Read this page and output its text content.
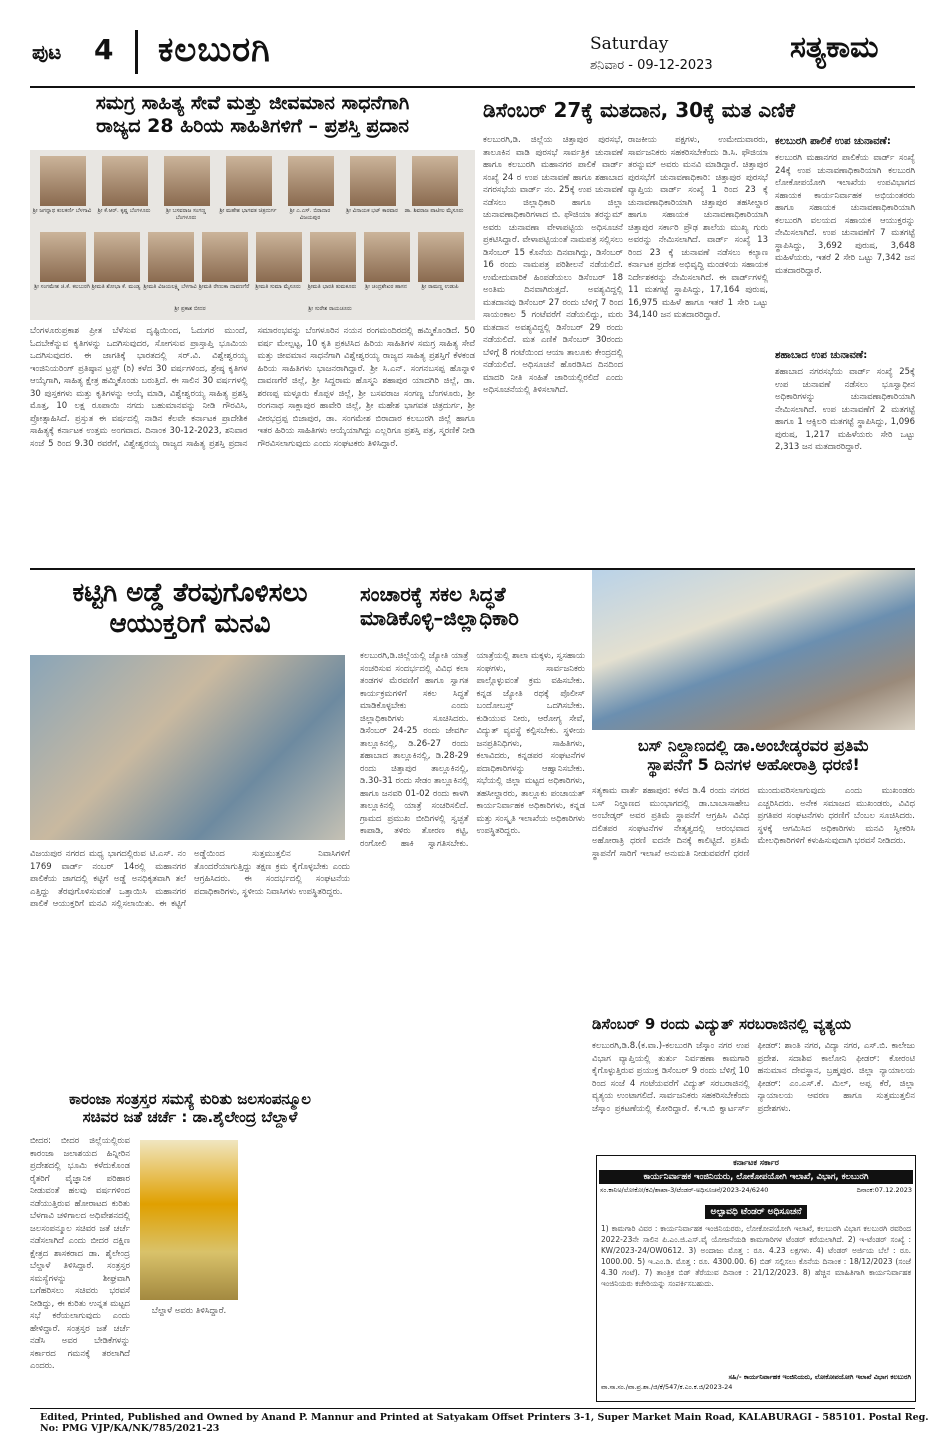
ಪುಟ 4 ಕಲಬುರಗಿ	Saturday
ಶನಿವಾರ - 09-12-2023
ಸತ್ಯಕಾಮ
ಸಮಗ್ರ ಸಾಹಿತ್ಯ ಸೇವೆ ಮತ್ತು ಜೀವಮಾನ ಸಾಧನೆಗಾಗಿ
ರಾಜ್ಯದ 28 ಹಿರಿಯ ಸಾಹಿತಿಗಳಿಗೆ – ಪ್ರಶಸ್ತಿ ಪ್ರದಾನ
ಶ್ರೀ ಜಗನ್ನಾಥ ಕುಲಕರ್ಣಿ ಬೆಳಗಾವಿ	ಶ್ರೀ ಕೆ.ಆರ್. ಕೃಷ್ಣ ಬೆಂಗಳೂರು	ಶ್ರೀ ಬಸವರಾಜ ಸಂಗಣ್ಣ ಬೆಂಗಳೂರು
ಶ್ರೀ ಮಹೇಶ ಭಾಗವತ ಚಿತ್ರದುರ್ಗ	ಶ್ರೀ ಎ.ಎಸ್. ಬಿರಾದಾರ ವಿಜಯಪುರ
ಶ್ರೀ ವಿನಾಯಕ ಭಟ್ ಕಾರವಾರ	ಡಾ. ಶಿವರಾಜ ಪಾಟೀಲ ಮೈಸೂರು
ಶ್ರೀ ಸಂಗಮೇಶ ಜಿ.ಕೆ. ಕಲಬುರಗಿ ಶ್ರೀಮತಿ ಶೋಭಾ ಕೆ. ಮಂಡ್ಯ ಶ್ರೀಮತಿ ವಿಜಯಲಕ್ಷ್ಮಿ ಬೆಳಗಾವಿ ಶ್ರೀಮತಿ ರೇಣುಕಾ ದಾವಣಗೆರೆ	ಶ್ರೀಮತಿ ಸುಮಾ ಮೈಸೂರು	ಶ್ರೀಮತಿ ಭಾರತಿ ತುಮಕೂರು	ಶ್ರೀ ಚಂದ್ರಶೇಖರ ಹಾಸನ	ಶ್ರೀ ರಾಮಣ್ಣ ಉಡುಪಿ
ಶ್ರೀ ಪ್ರಕಾಶ ಬೀದರ	ಶ್ರೀ ಸುರೇಶ ರಾಯಚೂರು
ಬೆಂಗಳೂರುಪ್ರಕಾಶ ಪ್ರೀತ ಬೆಳೆಸುವ ದೃಷ್ಟಿಯಿಂದ, ಓದುಗರ ಮುಂದೆ, ಓದಬೇಕೆನ್ನುವ ಕೃತಿಗಳನ್ನು ಒದಗಿಸುವುದರ, ಸೋಗಸುವ ಪ್ರಾಸ್ತಾಪ್ತಿ ಭೂಮಿಯ ಒದಗಿಸುವುದರ. ಈ ಜಾಗತಿಕ್ಕೆ ಭಾರತದಲ್ಲಿ ಸರ್.ವಿ. ವಿಶ್ವೇಶ್ವರಯ್ಯ ಇಂಜಿನಿಯರಿಂಗ್ ಪ್ರತಿಷ್ಠಾನ ಟ್ರಸ್ಟ್ (ರಿ) ಕಳೆದ 30 ವರ್ಷಗಳಿಂದ, ಶ್ರೇಷ್ಠ ಕೃತಿಗಳ ಆಯ್ಕೆಗಾಗಿ, ಸಾಹಿತ್ಯ ಕ್ಷೇತ್ರ ಹಮ್ಮಿಕೊಂಡು ಬರುತ್ತಿದೆ. ಈ ಸಾಲಿನ 30 ವರ್ಷಗಳಲ್ಲಿ 30 ಪುಸ್ತಕಗಳು ಮತ್ತು ಕೃತಿಗಳನ್ನು ಆಯ್ಕೆ ಮಾಡಿ, ವಿಶ್ವೇಶ್ವರಯ್ಯ ಸಾಹಿತ್ಯ ಪ್ರಶಸ್ತಿ ಮೊತ್ತ, 10 ಲಕ್ಷ ರೂಪಾಯಿ ನಗದು ಬಹುಮಾನವನ್ನು ನೀಡಿ ಗೌರವಿಸಿ, ಪ್ರೋತ್ಸಾಹಿಸಿದೆ. ಪ್ರಸ್ತುತ ಈ ವರ್ಷದಲ್ಲಿ ನಾಡಿನ ಕೆಲವೇ ಕರ್ನಾಟಕ ಪ್ರಾದೇಶಿಕ ಸಾಹಿತ್ಯಕ್ಕೆ ಕರ್ನಾಟಕ ಉತ್ತಮ ಅಂಗವಾದ. ದಿನಾಂಕ 30-12-2023, ಶನಿವಾರ ಸಂಜೆ 5 ರಿಂದ 9.30 ರವರೆಗೆ, ವಿಶ್ವೇಶ್ವರಯ್ಯ ರಾಜ್ಯದ ಸಾಹಿತ್ಯ ಪ್ರಶಸ್ತಿ ಪ್ರದಾನ ಸಮಾರಂಭವನ್ನು ಬೆಂಗಳೂರಿನ ನಯನ ರಂಗಮಂದಿರದಲ್ಲಿ ಹಮ್ಮಿಕೊಂಡಿದೆ. 50 ವರ್ಷ ಮೇಲ್ಪಟ್ಟ, 10 ಕೃತಿ ಪ್ರಕಟಿಸಿದ ಹಿರಿಯ ಸಾಹಿತಿಗಳ ಸಮಗ್ರ ಸಾಹಿತ್ಯ ಸೇವೆ ಮತ್ತು ಜೀವಮಾನ ಸಾಧನೆಗಾಗಿ ವಿಶ್ವೇಶ್ವರಯ್ಯ ರಾಜ್ಯದ ಸಾಹಿತ್ಯ ಪ್ರಶಸ್ತಿಗೆ ಕೆಳಕಂಡ ಹಿರಿಯ ಸಾಹಿತಿಗಳು ಭಾಜನರಾಗಿದ್ದಾರೆ. ಶ್ರೀ ಸಿ.ಎನ್. ಸಂಗನಬಸಪ್ಪ ಹೊನ್ನಾಳಿ ದಾವಣಗೆರೆ ಜಿಲ್ಲೆ, ಶ್ರೀ ಸಿದ್ದರಾಮ ಹೊಸ್ಮನಿ ಶಹಾಪುರ ಯಾದಗಿರಿ ಜಿಲ್ಲೆ, ಡಾ. ಶರಣಪ್ಪ ಮಳ್ಳೂರು ಕೊಪ್ಪಳ ಜಿಲ್ಲೆ, ಶ್ರೀ ಬಸವರಾಜ ಸಂಗಣ್ಣ ಬೆಂಗಳೂರು, ಶ್ರೀ ರಂಗನಾಥ ಸಾಕ್ಲಾಪುರ ಹಾವೇರಿ ಜಿಲ್ಲೆ, ಶ್ರೀ ಮಹೇಶ ಭಾಗವತ ಚಿತ್ರದುರ್ಗ, ಶ್ರೀ ವೀರಭದ್ರಪ್ಪ ಬಿಜಾಪುರ, ಡಾ. ಸಂಗಮೇಶ ಬಿರಾದಾರ ಕಲಬುರಗಿ ಜಿಲ್ಲೆ ಹಾಗೂ ಇತರ ಹಿರಿಯ ಸಾಹಿತಿಗಳು ಆಯ್ಕೆಯಾಗಿದ್ದು ಎಲ್ಲರಿಗೂ ಪ್ರಶಸ್ತಿ ಪತ್ರ, ಸ್ಮರಣಿಕೆ ನೀಡಿ ಗೌರವಿಸಲಾಗುವುದು ಎಂದು ಸಂಘಟಕರು ತಿಳಿಸಿದ್ದಾರೆ.
ಡಿಸೆಂಬರ್ 27ಕ್ಕೆ ಮತದಾನ, 30ಕ್ಕೆ ಮತ ಎಣಿಕೆ
ಕಲಬುರಗಿ,ಡಿ. ಜಿಲ್ಲೆಯ ಚಿತ್ತಾಪುರ ಪುರಸಭೆ, ತಾಲೂಕಿನ ವಾಡಿ ಪುರಸಭೆ ಸಾರ್ವತ್ರಿಕ ಚುನಾವಣೆ ಹಾಗೂ ಕಲಬುರಗಿ ಮಹಾನಗರ ಪಾಲಿಕೆ ವಾರ್ಡ್ ಸಂಖ್ಯೆ 24 ರ ಉಪ ಚುನಾವಣೆ ಹಾಗೂ ಶಹಾಬಾದ ನಗರಸಭೆಯ ವಾರ್ಡ್ ನಂ. 25ಕ್ಕೆ ಉಪ ಚುನಾವಣೆ ನಡೆಸಲು ಜಿಲ್ಲಾಧಿಕಾರಿ ಹಾಗೂ ಜಿಲ್ಲಾ ಚುನಾವಣಾಧಿಕಾರಿಗಳಾದ ಬಿ. ಫೌಜಿಯಾ ತರನ್ನುಮ್ ಅವರು ಚುನಾವಣಾ ವೇಳಾಪಟ್ಟಿಯ ಅಧಿಸೂಚನೆ ಪ್ರಕಟಿಸಿದ್ದಾರೆ. ವೇಳಾಪಟ್ಟಿಯಂತೆ ನಾಮಪತ್ರ ಸಲ್ಲಿಸಲು ಡಿಸೆಂಬರ್ 15 ಕೊನೆಯ ದಿನವಾಗಿದ್ದು, ಡಿಸೆಂಬರ್ 16 ರಂದು ನಾಮಪತ್ರ ಪರಿಶೀಲನೆ ನಡೆಯಲಿದೆ. ಉಮೇದುವಾರಿಕೆ ಹಿಂಪಡೆಯಲು ಡಿಸೆಂಬರ್ 18 ಅಂತಿಮ ದಿನವಾಗಿರುತ್ತದೆ. ಅವಶ್ಯವಿದ್ದಲ್ಲಿ ಮತದಾನವು ಡಿಸೆಂಬರ್ 27 ರಂದು ಬೆಳಿಗ್ಗೆ 7 ರಿಂದ ಸಾಯಂಕಾಲ 5 ಗಂಟೆವರೆಗೆ ನಡೆಯಲಿದ್ದು, ಮರು ಮತದಾನ ಅವಶ್ಯವಿದ್ದಲ್ಲಿ ಡಿಸೆಂಬರ್ 29 ರಂದು ನಡೆಯಲಿದೆ. ಮತ ಎಣಿಕೆ ಡಿಸೆಂಬರ್ 30ರಂದು ಬೆಳಿಗ್ಗೆ 8 ಗಂಟೆಯಿಂದ ಆಯಾ ತಾಲೂಕು ಕೇಂದ್ರದಲ್ಲಿ ನಡೆಯಲಿದೆ. ಅಧಿಸೂಚನೆ ಹೊರಡಿಸಿದ ದಿನದಿಂದ ಮಾದರಿ ನೀತಿ ಸಂಹಿತೆ ಜಾರಿಯಲ್ಲಿರಲಿದೆ ಎಂದು ಅಧಿಸೂಚನೆಯಲ್ಲಿ ತಿಳಿಸಲಾಗಿದೆ.
ರಾಜಕೀಯ ಪಕ್ಷಗಳು, ಉಮೇದುವಾರರು, ಸಾರ್ವಜನಿಕರು ಸಹಕರಿಸಬೇಕೆಂದು ಡಿ.ಸಿ. ಫೌಜಿಯಾ ತರನ್ನುಮ್ ಅವರು ಮನವಿ ಮಾಡಿದ್ದಾರೆ. ಚಿತ್ತಾಪುರ ಪುರಸಭೆಗೆ ಚುನಾವಣಾಧಿಕಾರಿ: ಚಿತ್ತಾಪುರ ಪುರಸಭೆ ವ್ಯಾಪ್ತಿಯ ವಾರ್ಡ್ ಸಂಖ್ಯೆ 1 ರಿಂದ 23 ಕ್ಕೆ ಚುನಾವಣಾಧಿಕಾರಿಯಾಗಿ ಚಿತ್ತಾಪುರ ತಹಸೀಲ್ದಾರ ಹಾಗೂ ಸಹಾಯಕ ಚುನಾವಣಾಧಿಕಾರಿಯಾಗಿ ಚಿತ್ತಾಪುರ ಸರ್ಕಾರಿ ಪ್ರೌಢ ಶಾಲೆಯ ಮುಖ್ಯ ಗುರು ಅವರನ್ನು ನೇಮಿಸಲಾಗಿದೆ. ವಾರ್ಡ್ ಸಂಖ್ಯೆ 13 ರಿಂದ 23 ಕ್ಕೆ ಚುನಾವಣೆ ನಡೆಸಲು ಕಲ್ಯಾಣ ಕರ್ನಾಟಕ ಪ್ರದೇಶ ಅಭಿವೃದ್ಧಿ ಮಂಡಳಿಯ ಸಹಾಯಕ ನಿರ್ದೇಶಕರನ್ನು ನೇಮಿಸಲಾಗಿದೆ. ಈ ವಾರ್ಡ್‌ಗಳಲ್ಲಿ 11 ಮತಗಟ್ಟೆ ಸ್ಥಾಪಿಸಿದ್ದು, 17,164 ಪುರುಷ, 16,975 ಮಹಿಳೆ ಹಾಗೂ ಇತರೆ 1 ಸೇರಿ ಒಟ್ಟು 34,140 ಜನ ಮತದಾರರಿದ್ದಾರೆ.
ಕಲಬುರಗಿ ಪಾಲಿಕೆ ಉಪ ಚುನಾವಣೆ:
ಕಲಬುರಗಿ ಮಹಾನಗರ ಪಾಲಿಕೆಯ ವಾರ್ಡ್ ಸಂಖ್ಯೆ 24ಕ್ಕೆ ಉಪ ಚುನಾವಣಾಧಿಕಾರಿಯಾಗಿ ಕಲಬುರಗಿ ಲೋಕೋಪಯೋಗಿ ಇಲಾಖೆಯ ಉಪವಿಭಾಗದ ಸಹಾಯಕ ಕಾರ್ಯನಿರ್ವಾಹಕ ಅಭಿಯಂತರರು ಹಾಗೂ ಸಹಾಯಕ ಚುನಾವಣಾಧಿಕಾರಿಯಾಗಿ ಕಲಬುರಗಿ ವಲಯದ ಸಹಾಯಕ ಆಯುಕ್ತರನ್ನು ನೇಮಿಸಲಾಗಿದೆ. ಉಪ ಚುನಾವಣೆಗೆ 7 ಮತಗಟ್ಟೆ ಸ್ಥಾಪಿಸಿದ್ದು, 3,692 ಪುರುಷ, 3,648 ಮಹಿಳೆಯರು, ಇತರೆ 2 ಸೇರಿ ಒಟ್ಟು 7,342 ಜನ ಮತದಾರರಿದ್ದಾರೆ.
ಶಹಾಬಾದ ಉಪ ಚುನಾವಣೆ:
ಶಹಾಬಾದ ನಗರಸಭೆಯ ವಾರ್ಡ್ ಸಂಖ್ಯೆ 25ಕ್ಕೆ ಉಪ ಚುನಾವಣೆ ನಡೆಸಲು ಭೂಸ್ವಾಧೀನ ಅಧಿಕಾರಿಗಳನ್ನು ಚುನಾವಣಾಧಿಕಾರಿಯಾಗಿ ನೇಮಿಸಲಾಗಿದೆ. ಉಪ ಚುನಾವಣೆಗೆ 2 ಮತಗಟ್ಟೆ ಹಾಗೂ 1 ಆಕ್ಸಿಲರಿ ಮತಗಟ್ಟೆ ಸ್ಥಾಪಿಸಿದ್ದು, 1,096 ಪುರುಷ, 1,217 ಮಹಿಳೆಯರು ಸೇರಿ ಒಟ್ಟು 2,313 ಜನ ಮತದಾರರಿದ್ದಾರೆ.
ಕಟ್ಟಿಗಿ ಅಡ್ಡೆ ತೆರವುಗೊಳಿಸಲು
ಆಯುಕ್ತರಿಗೆ ಮನವಿ
ವಿಜಯಪುರ ನಗರದ ಮಧ್ಯ ಭಾಗದಲ್ಲಿರುವ ಟಿ.ಎಸ್. ನಂ 1769 ವಾರ್ಡ್ ನಂಬರ್ 14ರಲ್ಲಿ ಮಹಾನಗರ ಪಾಲಿಕೆಯ ಜಾಗದಲ್ಲಿ ಕಟ್ಟಿಗೆ ಅಡ್ಡೆ ಅನಧಿಕೃತವಾಗಿ ತಲೆ ಎತ್ತಿದ್ದು ತೆರವುಗೊಳಿಸುವಂತೆ ಒತ್ತಾಯಿಸಿ ಮಹಾನಗರ ಪಾಲಿಕೆ ಆಯುಕ್ತರಿಗೆ ಮನವಿ ಸಲ್ಲಿಸಲಾಯಿತು. ಈ ಕಟ್ಟಿಗೆ ಅಡ್ಡೆಯಿಂದ ಸುತ್ತಮುತ್ತಲಿನ ನಿವಾಸಿಗಳಿಗೆ ತೊಂದರೆಯಾಗುತ್ತಿದ್ದು ತಕ್ಷಣ ಕ್ರಮ ಕೈಗೊಳ್ಳಬೇಕು ಎಂದು ಆಗ್ರಹಿಸಿದರು. ಈ ಸಂದರ್ಭದಲ್ಲಿ ಸಂಘಟನೆಯ ಪದಾಧಿಕಾರಿಗಳು, ಸ್ಥಳೀಯ ನಿವಾಸಿಗಳು ಉಪಸ್ಥಿತರಿದ್ದರು.
ಸಂಚಾರಕ್ಕೆ ಸಕಲ ಸಿದ್ಧತೆ
ಮಾಡಿಕೊಳ್ಳಿ–ಜಿಲ್ಲಾಧಿಕಾರಿ
ಕಲಬುರಗಿ,ಡಿ.ಜಿಲ್ಲೆಯಲ್ಲಿ ಜ್ಯೋತಿ ಯಾತ್ರೆ ಸಂಚರಿಸುವ ಸಂದರ್ಭದಲ್ಲಿ ವಿವಿಧ ಕಲಾ ತಂಡಗಳ ಮೆರವಣಿಗೆ ಹಾಗೂ ಸ್ವಾಗತ ಕಾರ್ಯಕ್ರಮಗಳಿಗೆ ಸಕಲ ಸಿದ್ಧತೆ ಮಾಡಿಕೊಳ್ಳಬೇಕು ಎಂದು ಜಿಲ್ಲಾಧಿಕಾರಿಗಳು ಸೂಚಿಸಿದರು. ಡಿಸೆಂಬರ್ 24-25 ರಂದು ಜೇವರ್ಗಿ ತಾಲ್ಲೂಕಿನಲ್ಲಿ, ಡಿ.26-27 ರಂದು ಶಹಾಬಾದ ತಾಲ್ಲೂಕಿನಲ್ಲಿ, ಡಿ.28-29 ರಂದು ಚಿತ್ತಾಪುರ ತಾಲ್ಲೂಕಿನಲ್ಲಿ, ಡಿ.30-31 ರಂದು ಸೇಡಂ ತಾಲ್ಲೂಕಿನಲ್ಲಿ ಹಾಗೂ ಜನವರಿ 01-02 ರಂದು ಕಾಳಗಿ ತಾಲ್ಲೂಕಿನಲ್ಲಿ ಯಾತ್ರೆ ಸಂಚರಿಸಲಿದೆ. ಗ್ರಾಮದ ಪ್ರಮುಖ ಬೀದಿಗಳಲ್ಲಿ ಸ್ವಚ್ಛತೆ ಕಾಪಾಡಿ, ತಳಿರು ತೋರಣ ಕಟ್ಟಿ, ರಂಗೋಲಿ ಹಾಕಿ ಸ್ವಾಗತಿಸಬೇಕು. ಯಾತ್ರೆಯಲ್ಲಿ ಶಾಲಾ ಮಕ್ಕಳು, ಸ್ವಸಹಾಯ ಸಂಘಗಳು, ಸಾರ್ವಜನಿಕರು ಪಾಲ್ಗೊಳ್ಳುವಂತೆ ಕ್ರಮ ವಹಿಸಬೇಕು. ಕನ್ನಡ ಜ್ಯೋತಿ ರಥಕ್ಕೆ ಪೊಲೀಸ್ ಬಂದೋಬಸ್ತ್ ಒದಗಿಸಬೇಕು. ಕುಡಿಯುವ ನೀರು, ಆರೋಗ್ಯ ಸೇವೆ, ವಿದ್ಯುತ್ ವ್ಯವಸ್ಥೆ ಕಲ್ಪಿಸಬೇಕು. ಸ್ಥಳೀಯ ಜನಪ್ರತಿನಿಧಿಗಳು, ಸಾಹಿತಿಗಳು, ಕಲಾವಿದರು, ಕನ್ನಡಪರ ಸಂಘಟನೆಗಳ ಪದಾಧಿಕಾರಿಗಳನ್ನು ಆಹ್ವಾನಿಸಬೇಕು. ಸಭೆಯಲ್ಲಿ ಜಿಲ್ಲಾ ಮಟ್ಟದ ಅಧಿಕಾರಿಗಳು, ತಹಸೀಲ್ದಾರರು, ತಾಲ್ಲೂಕು ಪಂಚಾಯತ್ ಕಾರ್ಯನಿರ್ವಾಹಕ ಅಧಿಕಾರಿಗಳು, ಕನ್ನಡ ಮತ್ತು ಸಂಸ್ಕೃತಿ ಇಲಾಖೆಯ ಅಧಿಕಾರಿಗಳು ಉಪಸ್ಥಿತರಿದ್ದರು.
ಬಸ್ ನಿಲ್ದಾಣದಲ್ಲಿ ಡಾ.ಅಂಬೇಡ್ಕರವರ ಪ್ರತಿಮೆ
ಸ್ಥಾಪನೆಗೆ 5 ದಿನಗಳ ಅಹೋರಾತ್ರಿ ಧರಣಿ!
ಸತ್ಯಕಾಮ ವಾರ್ತೆ ಶಹಾಪುರ: ಕಳೆದ ಡಿ.4 ರಂದು ನಗರದ ಬಸ್ ನಿಲ್ದಾಣದ ಮುಂಭಾಗದಲ್ಲಿ ಡಾ.ಬಾಬಾಸಾಹೇಬ ಅಂಬೇಡ್ಕರ್ ಅವರ ಪ್ರತಿಮೆ ಸ್ಥಾಪನೆಗೆ ಆಗ್ರಹಿಸಿ ವಿವಿಧ ದಲಿತಪರ ಸಂಘಟನೆಗಳ ನೇತೃತ್ವದಲ್ಲಿ ಆರಂಭವಾದ ಅಹೋರಾತ್ರಿ ಧರಣಿ ಐದನೇ ದಿನಕ್ಕೆ ಕಾಲಿಟ್ಟಿದೆ. ಪ್ರತಿಮೆ ಸ್ಥಾಪನೆಗೆ ಸಾರಿಗೆ ಇಲಾಖೆ ಅನುಮತಿ ನೀಡುವವರೆಗೆ ಧರಣಿ ಮುಂದುವರಿಸಲಾಗುವುದು ಎಂದು ಮುಖಂಡರು ಎಚ್ಚರಿಸಿದರು. ಅನೇಕ ಸಮಾಜದ ಮುಖಂಡರು, ವಿವಿಧ ಪ್ರಗತಿಪರ ಸಂಘಟನೆಗಳು ಧರಣಿಗೆ ಬೆಂಬಲ ಸೂಚಿಸಿದರು. ಸ್ಥಳಕ್ಕೆ ಆಗಮಿಸಿದ ಅಧಿಕಾರಿಗಳು ಮನವಿ ಸ್ವೀಕರಿಸಿ ಮೇಲಧಿಕಾರಿಗಳಿಗೆ ಕಳುಹಿಸುವುದಾಗಿ ಭರವಸೆ ನೀಡಿದರು.
ಡಿಸೆಂಬರ್ 9 ರಂದು ವಿದ್ಯುತ್ ಸರಬರಾಜಿನಲ್ಲಿ ವ್ಯತ್ಯಯ
ಕಲಬುರಗಿ,ಡಿ.8.(ಕ.ವಾ.)-ಕಲಬುರಗಿ ಜೆಸ್ಕಾಂ ನಗರ ಉಪ ವಿಭಾಗ ವ್ಯಾಪ್ತಿಯಲ್ಲಿ ತುರ್ತು ನಿರ್ವಹಣಾ ಕಾಮಗಾರಿ ಕೈಗೊಳ್ಳುತ್ತಿರುವ ಪ್ರಯುಕ್ತ ಡಿಸೆಂಬರ್ 9 ರಂದು ಬೆಳಿಗ್ಗೆ 10 ರಿಂದ ಸಂಜೆ 4 ಗಂಟೆಯವರೆಗೆ ವಿದ್ಯುತ್ ಸರಬರಾಜಿನಲ್ಲಿ ವ್ಯತ್ಯಯ ಉಂಟಾಗಲಿದೆ. ಸಾರ್ವಜನಿಕರು ಸಹಕರಿಸಬೇಕೆಂದು ಜೆಸ್ಕಾಂ ಪ್ರಕಟಣೆಯಲ್ಲಿ ಕೋರಿದ್ದಾರೆ. ಕೆ.ಇ.ಬಿ ಕ್ವಾರ್ಟರ್ಸ್ ಫೀಡರ್: ಶಾಂತಿ ನಗರ, ವಿದ್ಯಾ ನಗರ, ಎಸ್.ಬಿ. ಕಾಲೇಜು ಪ್ರದೇಶ. ಸದಾಶಿವ ಕಾಲೋನಿ ಫೀಡರ್: ಕೋರಂಟಿ ಹನುಮಾನ ದೇವಸ್ಥಾನ, ಬ್ರಹ್ಮಪುರ. ಜಿಲ್ಲಾ ನ್ಯಾಯಾಲಯ ಫೀಡರ್: ಎಂ.ಎಸ್.ಕೆ. ಮಿಲ್, ಅಪ್ಪ ಕೆರೆ, ಜಿಲ್ಲಾ ನ್ಯಾಯಾಲಯ ಆವರಣ ಹಾಗೂ ಸುತ್ತಮುತ್ತಲಿನ ಪ್ರದೇಶಗಳು.
ಕಾರಂಜಾ ಸಂತ್ರಸ್ತರ ಸಮಸ್ಯೆ ಕುರಿತು ಜಲಸಂಪನ್ಮೂಲ
ಸಚಿವರ ಜತೆ ಚರ್ಚೆ : ಡಾ.ಶೈಲೇಂದ್ರ ಬೆಲ್ದಾಳೆ
ಬೀದರ: ಬೀದರ ಜಿಲ್ಲೆಯಲ್ಲಿರುವ ಕಾರಂಜಾ ಜಲಾಶಯದ ಹಿನ್ನೀರಿನ ಪ್ರದೇಶದಲ್ಲಿ ಭೂಮಿ ಕಳೆದುಕೊಂಡ ರೈತರಿಗೆ ವೈಜ್ಞಾನಿಕ ಪರಿಹಾರ ನೀಡುವಂತೆ ಹಲವು ವರ್ಷಗಳಿಂದ ನಡೆಯುತ್ತಿರುವ ಹೋರಾಟದ ಕುರಿತು ಬೆಳಗಾವಿ ಚಳಿಗಾಲದ ಅಧಿವೇಶನದಲ್ಲಿ ಜಲಸಂಪನ್ಮೂಲ ಸಚಿವರ ಜತೆ ಚರ್ಚೆ ನಡೆಸಲಾಗಿದೆ ಎಂದು ಬೀದರ ದಕ್ಷಿಣ ಕ್ಷೇತ್ರದ ಶಾಸಕರಾದ ಡಾ. ಶೈಲೇಂದ್ರ ಬೆಲ್ದಾಳೆ ತಿಳಿಸಿದ್ದಾರೆ. ಸಂತ್ರಸ್ತರ ಸಮಸ್ಯೆಗಳನ್ನು ಶೀಘ್ರವಾಗಿ ಬಗೆಹರಿಸಲು ಸಚಿವರು ಭರವಸೆ ನೀಡಿದ್ದು, ಈ ಕುರಿತು ಉನ್ನತ ಮಟ್ಟದ ಸಭೆ ಕರೆಯಲಾಗುವುದು ಎಂದು ಹೇಳಿದ್ದಾರೆ. ಸಂತ್ರಸ್ತರ ಜತೆ ಚರ್ಚೆ ನಡೆಸಿ ಅವರ ಬೇಡಿಕೆಗಳನ್ನು ಸರ್ಕಾರದ ಗಮನಕ್ಕೆ ತರಲಾಗಿದೆ ಎಂದರು.
ಬೆಲ್ದಾಳೆ ಅವರು ತಿಳಿಸಿದ್ದಾರೆ.
ಕರ್ನಾಟಕ ಸರ್ಕಾರ
ಕಾರ್ಯನಿರ್ವಾಹಕ ಇಂಜಿನಿಯರು, ಲೋಕೋಪಯೋಗಿ ಇಲಾಖೆ, ವಿಭಾಗ, ಕಲಬುರಗಿ
ಸಂ.ಕಾನಿಅ/ಲೋಕೋ/ಕವಿ/ಶಾಖಾ-3/ಟೆಂಡರ್-ಅಧಿಸೂಚನೆ/2023-24/6240	ದಿನಾಂಕ:07.12.2023
ಅಲ್ಪಾವಧಿ ಟೆಂಡರ್ ಅಧಿಸೂಚನೆ
1) ಕಾಮಗಾರಿ ವಿವರ : ಕಾರ್ಯನಿರ್ವಾಹಕ ಇಂಜಿನಿಯರರು, ಲೋಕೋಪಯೋಗಿ ಇಲಾಖೆ, ಕಲಬುರಗಿ ವಿಭಾಗ ಕಲಬುರಗಿ ರವರಿಂದ 2022-23ನೇ ಸಾಲಿನ ಪಿ.ಎಂ.ಜಿ.ಎಸ್.ವೈ ಯೋಜನೆಯಡಿ ಕಾಮಗಾರಿಗಳ ಟೆಂಡರ್ ಕರೆಯಲಾಗಿದೆ. 2) ಇ-ಟೆಂಡರ್ ಸಂಖ್ಯೆ : KW/2023-24/OW0612. 3) ಅಂದಾಜು ಮೊತ್ತ : ರೂ. 4.23 ಲಕ್ಷಗಳು. 4) ಟೆಂಡರ್ ಅರ್ಜಿಯ ಬೆಲೆ : ರೂ. 1000.00. 5) ಇ.ಎಂ.ಡಿ. ಮೊತ್ತ : ರೂ. 4300.00. 6) ಬಿಡ್ ಸಲ್ಲಿಸಲು ಕೊನೆಯ ದಿನಾಂಕ : 18/12/2023 (ಸಂಜೆ 4.30 ಗಂಟೆ). 7) ತಾಂತ್ರಿಕ ಬಿಡ್ ತೆರೆಯುವ ದಿನಾಂಕ : 21/12/2023. 8) ಹೆಚ್ಚಿನ ಮಾಹಿತಿಗಾಗಿ ಕಾರ್ಯನಿರ್ವಾಹಕ ಇಂಜಿನಿಯರು ಕಚೇರಿಯನ್ನು ಸಂಪರ್ಕಿಸಬಹುದು.
ಸಹಿ/- ಕಾರ್ಯನಿರ್ವಾಹಕ ಇಂಜಿನಿಯರು, ಲೋಕೋಪಯೋಗಿ ಇಲಾಖೆ ವಿಭಾಗ ಕಲಬುರಗಿ
ವಾ.ಸಾ.ಸಂ./ವಾ.ಪ್ರ.ಶಾ./ಜಿ/ಕೆ/547/ಕ.ಎಂ.ಕ.ಜಿ/2023-24
Edited, Printed, Published and Owned by Anand P. Mannur and Printed at Satyakam Offset Printers 3-1, Super Market Main Road, KALABURAGI - 585101. Postal Reg. No: PMG VJP/KA/NK/785/2021-23
